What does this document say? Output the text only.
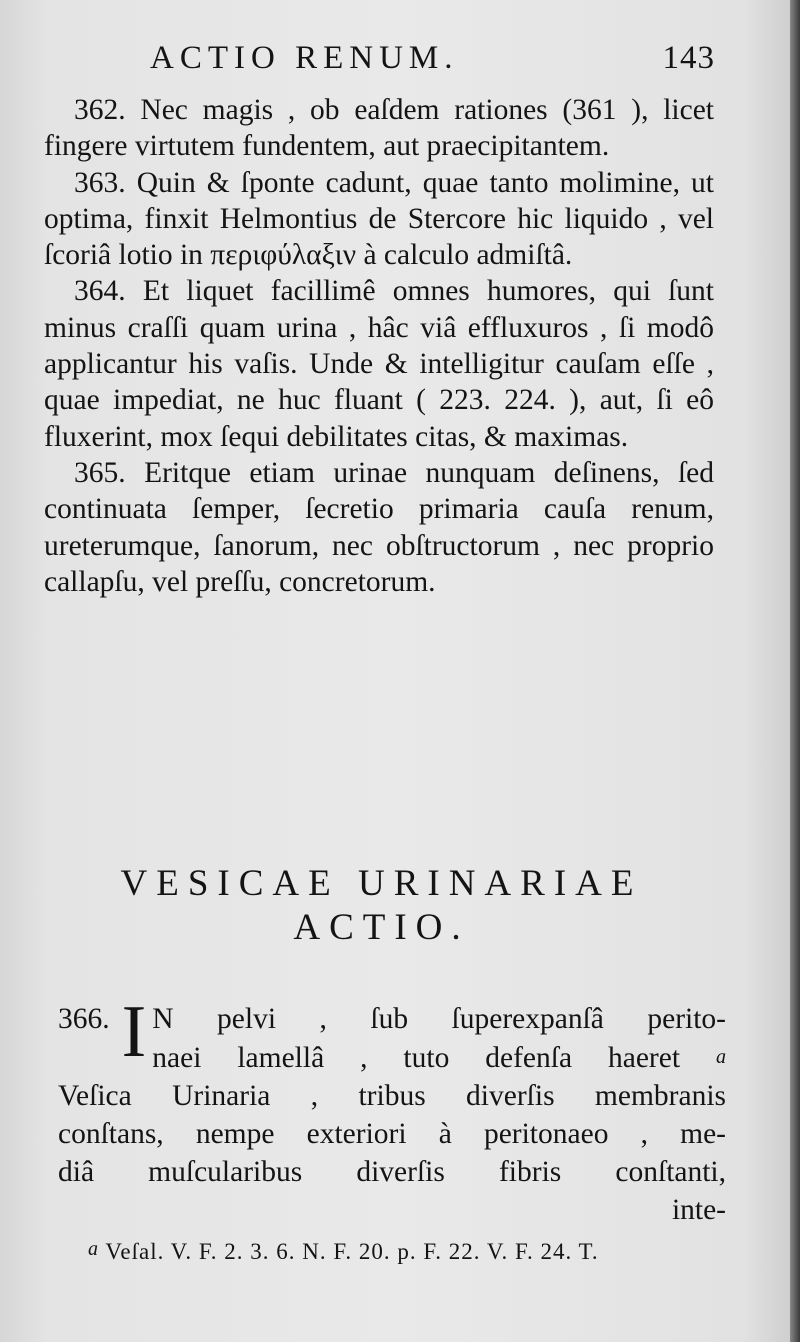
ACTIO RENUM.	143

362. Nec magis , ob eaſdem rationes (361 ), licet fingere virtutem fundentem, aut praecipitantem.

363. Quin & ſponte cadunt, quae tanto molimine, ut optima, finxit Helmontius de Stercore hic liquido , vel ſcoriâ lotio in περιφύλαξιν à calculo admiſtâ.

364. Et liquet facillimê omnes humores, qui ſunt minus craſſi quam urina , hâc viâ effluxuros , ſi modô applicantur his vaſis. Unde & intelligitur cauſam eſſe , quae impediat, ne huc fluant ( 223. 224. ), aut, ſi eô fluxerint, mox ſequi debilitates citas, & maximas.

365. Eritque etiam urinae nunquam deſinens, ſed continuata ſemper, ſecretio primaria cauſa renum, ureterumque, ſanorum, nec obſtructorum , nec proprio callapſu, vel preſſu, concretorum.

VESICAE URINARIAE
ACTIO.
366. I N pelvi , ſub ſuperexpanſâ perito-
naei lamellâ , tuto defenſa haeret a
Veſica Urinaria , tribus diverſis membranis
conſtans, nempe exteriori à peritonaeo , me-
diâ muſcularibus diverſis fibris conſtanti,
inte-
a Veſal. V. F. 2. 3. 6. N. F. 20. p. F. 22. V. F. 24. T.
